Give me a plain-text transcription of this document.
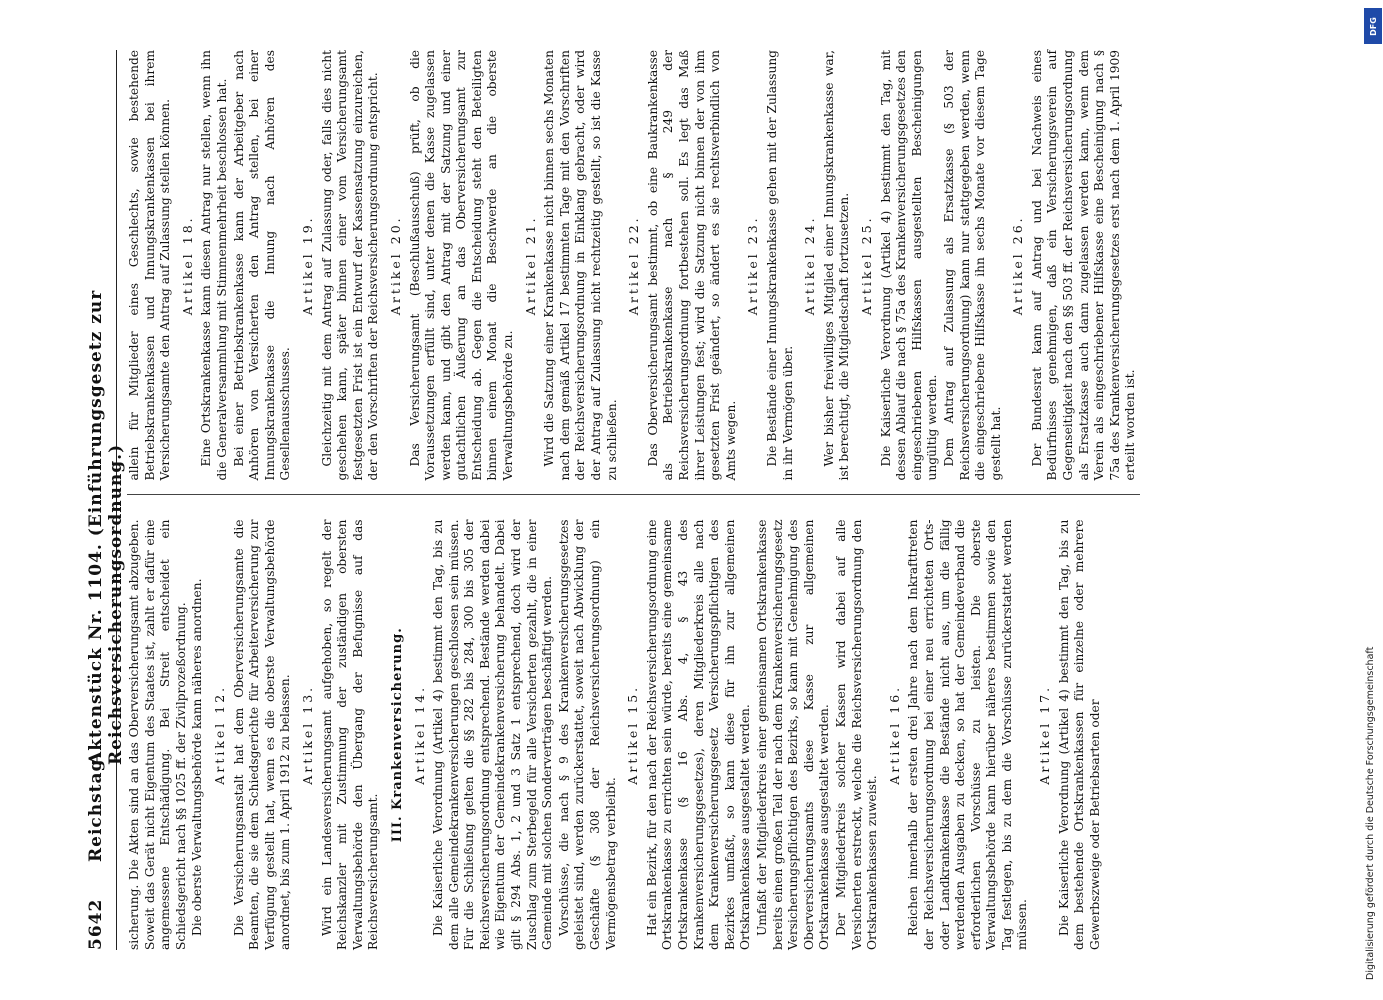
5642
Reichstag.
Aktenstück Nr. 1104. (Einführungsgesetz zur Reichsversicherungsordnung.) sicherung. Die Akten sind an das Oberversicherungsamt abzugeben. Soweit das Gerät nicht Eigentum des Staates ist, zahlt er dafür eine angemessene Entschädigung. Bei Streit entscheidet ein Schiedsgericht nach §§ 1025 ff. der Zivilprozeßordnung. Die oberste Verwaltungsbehörde kann näheres anordnen. Artikel 12. Die Versicherungsanstalt hat dem Oberversicherungsamte die Beamten, die sie dem Schiedsgerichte für Arbeiterversicherung zur Verfügung gestellt hat, wenn es die oberste Verwaltungsbehörde anordnet, bis zum 1. April 1912 zu belassen. Artikel 13. Wird ein Landesversicherungsamt aufgehoben, so regelt der Reichskanzler mit Zustimmung der zuständigen obersten Verwaltungsbehörde den Übergang der Befugnisse auf das Reichsversicherungsamt.

III. Krankenversicherung. Artikel 14. Die Kaiserliche Verordnung (Artikel 4) bestimmt den Tag, bis zu dem alle Gemeindekrankenversicherungen geschlossen sein müssen. Für die Schließung gelten die §§ 282 bis 284, 300 bis 305 der Reichsversicherungsordnung entsprechend. Bestände werden dabei wie Eigentum der Gemeindekrankenversicherung behandelt. Dabei gilt § 294 Abs. 1, 2 und 3 Satz 1 entsprechend, doch wird der Zuschlag zum Sterbegeld für alle Versicherten gezahlt, die in einer Gemeinde mit solchen Sonderverträgen beschäftigt werden. Vorschüsse, die nach § 9 des Krankenversicherungsgesetzes geleistet sind, werden zurückerstattet, soweit nach Abwicklung der Geschäfte (§ 308 der Reichsversicherungsordnung) ein Vermögensbetrag verbleibt.

Artikel 15. Hat ein Bezirk, für den nach der Reichsversicherungsordnung eine Ortskrankenkasse zu errichten sein würde, bereits eine gemeinsame Ortskrankenkasse (§ 16 Abs. 4, § 43 des Krankenversicherungsgesetzes), deren Mitgliederkreis alle nach dem Krankenversicherungsgesetz Versicherungspflichtigen des Bezirkes umfaßt, so kann diese für ihn zur allgemeinen Ortskrankenkasse ausgestaltet werden. Umfaßt der Mitgliederkreis einer gemeinsamen Ortskrankenkasse bereits einen großen Teil der nach dem Krankenversicherungsgesetz Versicherungspflichtigen des Bezirks, so kann mit Genehmigung des Oberversicherungsamts diese Kasse zur allgemeinen Ortskrankenkasse ausgestaltet werden. Der Mitgliederkreis solcher Kassen wird dabei auf alle Versicherten erstreckt, welche die Reichsversicherungsordnung den Ortskrankenkassen zuweist.

Artikel 16. Reichen innerhalb der ersten drei Jahre nach dem Inkrafttreten der Reichsversicherungsordnung bei einer neu errichteten Orts- oder Landkrankenkasse die Bestände nicht aus, um die fällig werdenden Ausgaben zu decken, so hat der Gemeindeverband die erforderlichen Vorschüsse zu leisten. Die oberste Verwaltungsbehörde kann hierüber näheres bestimmen sowie den Tag festlegen, bis zu dem die Vorschüsse zurückerstattet werden müssen.

Artikel 17. Die Kaiserliche Verordnung (Artikel 4) bestimmt den Tag, bis zu dem bestehende Ortskrankenkassen für einzelne oder mehrere Gewerbszweige oder Betriebsarten oder

allein für Mitglieder eines Geschlechts, sowie bestehende Betriebskrankenkassen und Innungskrankenkassen bei ihrem Versicherungsamte den Antrag auf Zulassung stellen können. Artikel 18. Eine Ortskrankenkasse kann diesen Antrag nur stellen, wenn ihn die Generalversammlung mit Stimmenmehrheit beschlossen hat. Bei einer Betriebskrankenkasse kann der Arbeitgeber nach Anhören von Versicherten den Antrag stellen, bei einer Innungskrankenkasse die Innung nach Anhören des Gesellenausschusses.

Artikel 19. Gleichzeitig mit dem Antrag auf Zulassung oder, falls dies nicht geschehen kann, später binnen einer vom Versicherungsamt festgesetzten Frist ist ein Entwurf der Kassensatzung einzureichen, der den Vorschriften der Reichsversicherungsordnung entspricht. Artikel 20. Das Versicherungsamt (Beschlußausschuß) prüft, ob die Voraussetzungen erfüllt sind, unter denen die Kasse zugelassen werden kann, und gibt den Antrag mit der Satzung und einer gutachtlichen Äußerung an das Oberversicherungsamt zur Entscheidung ab. Gegen die Entscheidung steht den Beteiligten binnen einem Monat die Beschwerde an die oberste Verwaltungsbehörde zu.

Artikel 21. Wird die Satzung einer Krankenkasse nicht binnen sechs Monaten nach dem gemäß Artikel 17 bestimmten Tage mit den Vorschriften der Reichsversicherungsordnung in Einklang gebracht, oder wird der Antrag auf Zulassung nicht rechtzeitig gestellt, so ist die Kasse zu schließen.

Artikel 22. Das Oberversicherungsamt bestimmt, ob eine Baukrankenkasse als Betriebskrankenkasse nach § 249 der Reichsversicherungsordnung fortbestehen soll. Es legt das Maß ihrer Leistungen fest; wird die Satzung nicht binnen der von ihm gesetzten Frist geändert, so ändert es sie rechtsverbindlich von Amts wegen.

Artikel 23. Die Bestände einer Innungskrankenkasse gehen mit der Zulassung in ihr Vermögen über.

Artikel 24. Wer bisher freiwilliges Mitglied einer Innungskrankenkasse war, ist berechtigt, die Mitgliedschaft fortzusetzen. Artikel 25. Die Kaiserliche Verordnung (Artikel 4) bestimmt den Tag, mit dessen Ablauf die nach § 75a des Krankenversicherungsgesetzes den eingeschriebenen Hilfskassen ausgestellten Bescheinigungen ungültig werden. Dem Antrag auf Zulassung als Ersatzkasse (§ 503 der Reichsversicherungsordnung) kann nur stattgegeben werden, wenn die eingeschriebene Hilfskasse ihn sechs Monate vor diesem Tage gestellt hat.

Artikel 26. Der Bundesrat kann auf Antrag und bei Nachweis eines Bedürfnisses genehmigen, daß ein Versicherungsverein auf Gegenseitigkeit nach den §§ 503 ff. der Reichsversicherungsordnung als Ersatzkasse auch dann zugelassen werden kann, wenn dem Verein als eingeschriebener Hilfskasse eine Bescheinigung nach § 75a des Krankenversicherungsgesetzes erst nach dem 1. April 1909 erteilt worden ist.

DFG
Digitalisierung gefördert durch die Deutsche Forschungsgemeinschaft
